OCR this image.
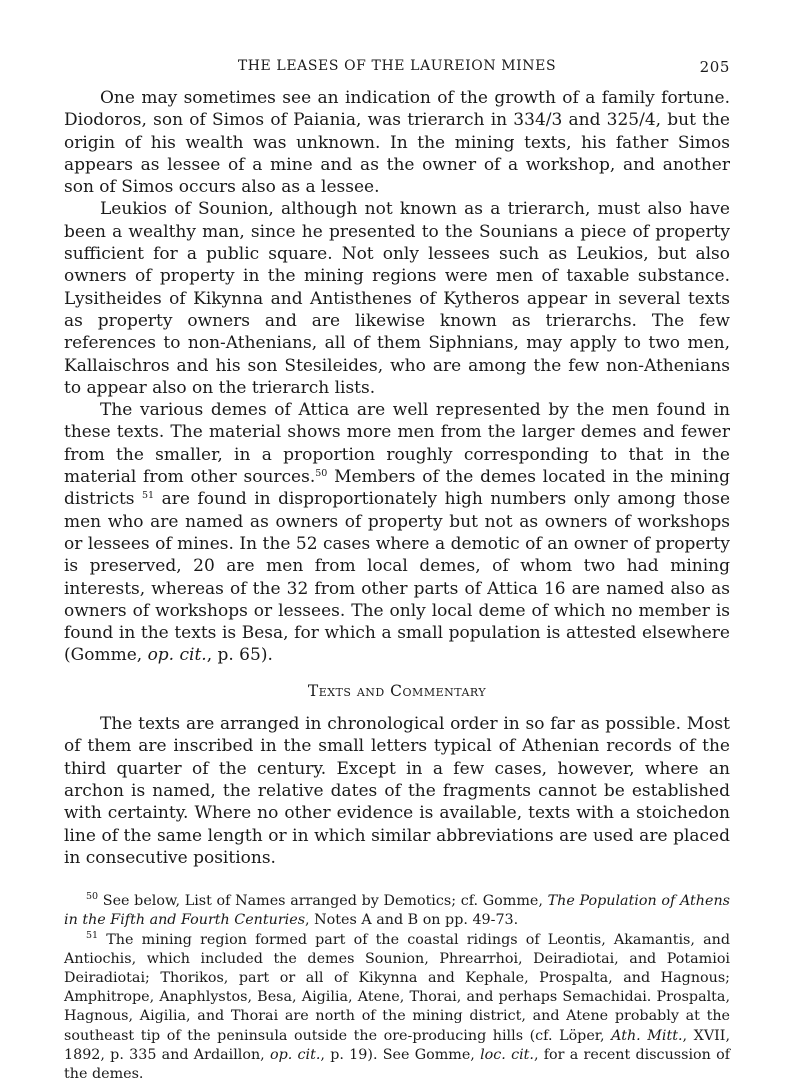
THE LEASES OF THE LAUREION MINES	205

One may sometimes see an indication of the growth of a family fortune. Diodoros, son of Simos of Paiania, was trierarch in 334/3 and 325/4, but the origin of his wealth was unknown. In the mining texts, his father Simos appears as lessee of a mine and as the owner of a workshop, and another son of Simos occurs also as a lessee.

Leukios of Sounion, although not known as a trierarch, must also have been a wealthy man, since he presented to the Sounians a piece of property sufficient for a public square. Not only lessees such as Leukios, but also owners of property in the mining regions were men of taxable substance. Lysitheides of Kikynna and Antisthenes of Kytheros appear in several texts as property owners and are likewise known as trierarchs. The few references to non-Athenians, all of them Siphnians, may apply to two men, Kallaischros and his son Stesileides, who are among the few non-Athenians to appear also on the trierarch lists.

The various demes of Attica are well represented by the men found in these texts. The material shows more men from the larger demes and fewer from the smaller, in a proportion roughly corresponding to that in the material from other sources.$^{50}$ Members of the demes located in the mining districts $^{51}$ are found in disproportionately high numbers only among those men who are named as owners of property but not as owners of workshops or lessees of mines. In the 52 cases where a demotic of an owner of property is preserved, 20 are men from local demes, of whom two had mining interests, whereas of the 32 from other parts of Attica 16 are named also as owners of workshops or lessees. The only local deme of which no member is found in the texts is Besa, for which a small population is attested elsewhere (Gomme, op. cit., p. 65).

Texts and Commentary

The texts are arranged in chronological order in so far as possible. Most of them are inscribed in the small letters typical of Athenian records of the third quarter of the century. Except in a few cases, however, where an archon is named, the relative dates of the fragments cannot be established with certainty. Where no other evidence is available, texts with a stoichedon line of the same length or in which similar abbreviations are used are placed in consecutive positions.

$^{50}$ See below, List of Names arranged by Demotics; cf. Gomme, The Population of Athens in the Fifth and Fourth Centuries, Notes A and B on pp. 49-73.

$^{51}$ The mining region formed part of the coastal ridings of Leontis, Akamantis, and Antiochis, which included the demes Sounion, Phrearrhoi, Deiradiotai, and Potamioi Deiradiotai; Thorikos, part or all of Kikynna and Kephale, Prospalta, and Hagnous; Amphitrope, Anaphlystos, Besa, Aigilia, Atene, Thorai, and perhaps Semachidai. Prospalta, Hagnous, Aigilia, and Thorai are north of the mining district, and Atene probably at the southeast tip of the peninsula outside the ore-producing hills (cf. Löper, Ath. Mitt., XVII, 1892, p. 335 and Ardaillon, op. cit., p. 19). See Gomme, loc. cit., for a recent discussion of the demes.
